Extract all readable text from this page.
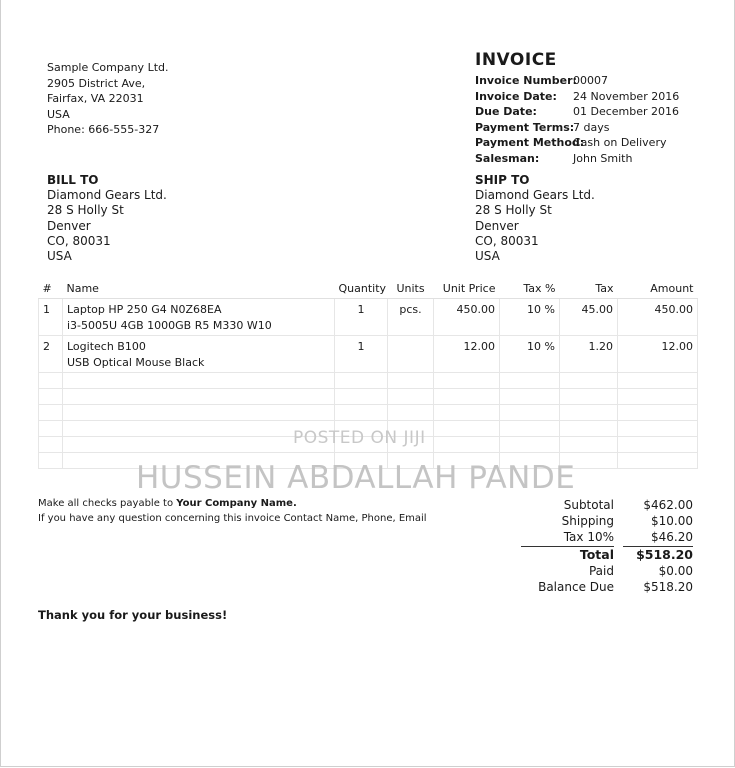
Sample Company Ltd.
2905 District Ave,
Fairfax, VA 22031
USA
Phone: 666-555-327
INVOICE
Invoice Number:
00007
Invoice Date:	24 November 2016
Due Date:	01 December 2016
Payment Terms:
7 days
Payment Method:
Cash on Delivery
Salesman:	John Smith
BILL TO
Diamond Gears Ltd.
28 S Holly St
Denver
CO, 80031
USA
SHIP TO
Diamond Gears Ltd.
28 S Holly St
Denver
CO, 80031
USA
#	Name	Quantity	Units	Unit Price	Tax %	Tax	Amount
1	Laptop HP 250 G4 N0Z68EA
i3-5005U 4GB 1000GB R5 M330 W10	1	pcs.	450.00	10 %	45.00	450.00
2	Logitech B100
USB Optical Mouse Black	1		12.00	10 %	1.20	12.00

POSTED ON JIJI
HUSSEIN ABDALLAH PANDE
Make all checks payable to Your Company Name.
If you have any question concerning this invoice Contact Name, Phone, Email
Subtotal	$462.00
Shipping	$10.00
Tax 10%	$46.20
Total	$518.20
Paid	$0.00
Balance Due	$518.20
Thank you for your business!
